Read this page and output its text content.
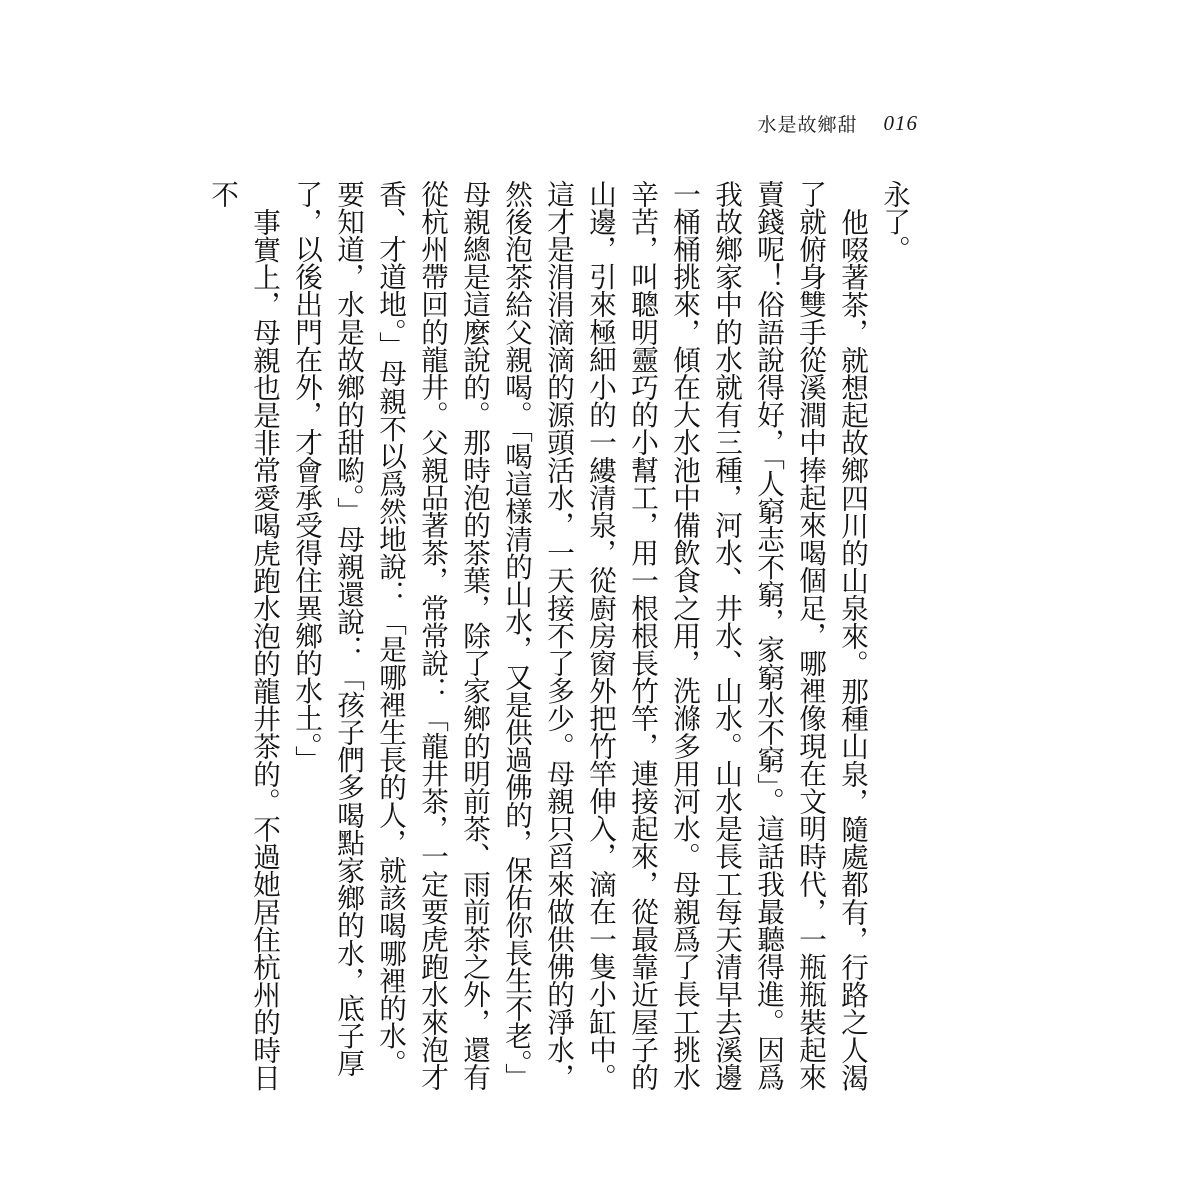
水是故鄉甜 016

永了。

他啜著茶，就想起故鄉四川的山泉來。那種山泉，隨處都有，行路之人渴了就俯身雙手從溪澗中捧起來喝個足，哪裡像現在文明時代，一瓶瓶裝起來賣錢呢！俗語說得好，「人窮志不窮，家窮水不窮」。這話我最聽得進。因爲我故鄉家中的水就有三種，河水、井水、山水。山水是長工每天清早去溪邊一桶桶挑來，傾在大水池中備飲食之用，洗滌多用河水。母親爲了長工挑水辛苦，叫聰明靈巧的小幫工，用一根根長竹竿，連接起來，從最靠近屋子的山邊，引來極細小的一縷清泉，從廚房窗外把竹竿伸入，滴在一隻小缸中。這才是涓涓滴滴的源頭活水，一天接不了多少。母親只舀來做供佛的淨水，然後泡茶給父親喝。「喝這樣清的山水，又是供過佛的，保佑你長生不老。」母親總是這麼說的。那時泡的茶葉，除了家鄉的明前茶、雨前茶之外，還有從杭州帶回的龍井。父親品著茶，常常說：「龍井茶，一定要虎跑水來泡才香、才道地。」母親不以爲然地說：「是哪裡生長的人，就該喝哪裡的水。要知道，水是故鄉的甜喲。」母親還說：「孩子們多喝點家鄉的水，底子厚了，以後出門在外，才會承受得住異鄉的水土。」

事實上，母親也是非常愛喝虎跑水泡的龍井茶的。不過她居住杭州的時日不
